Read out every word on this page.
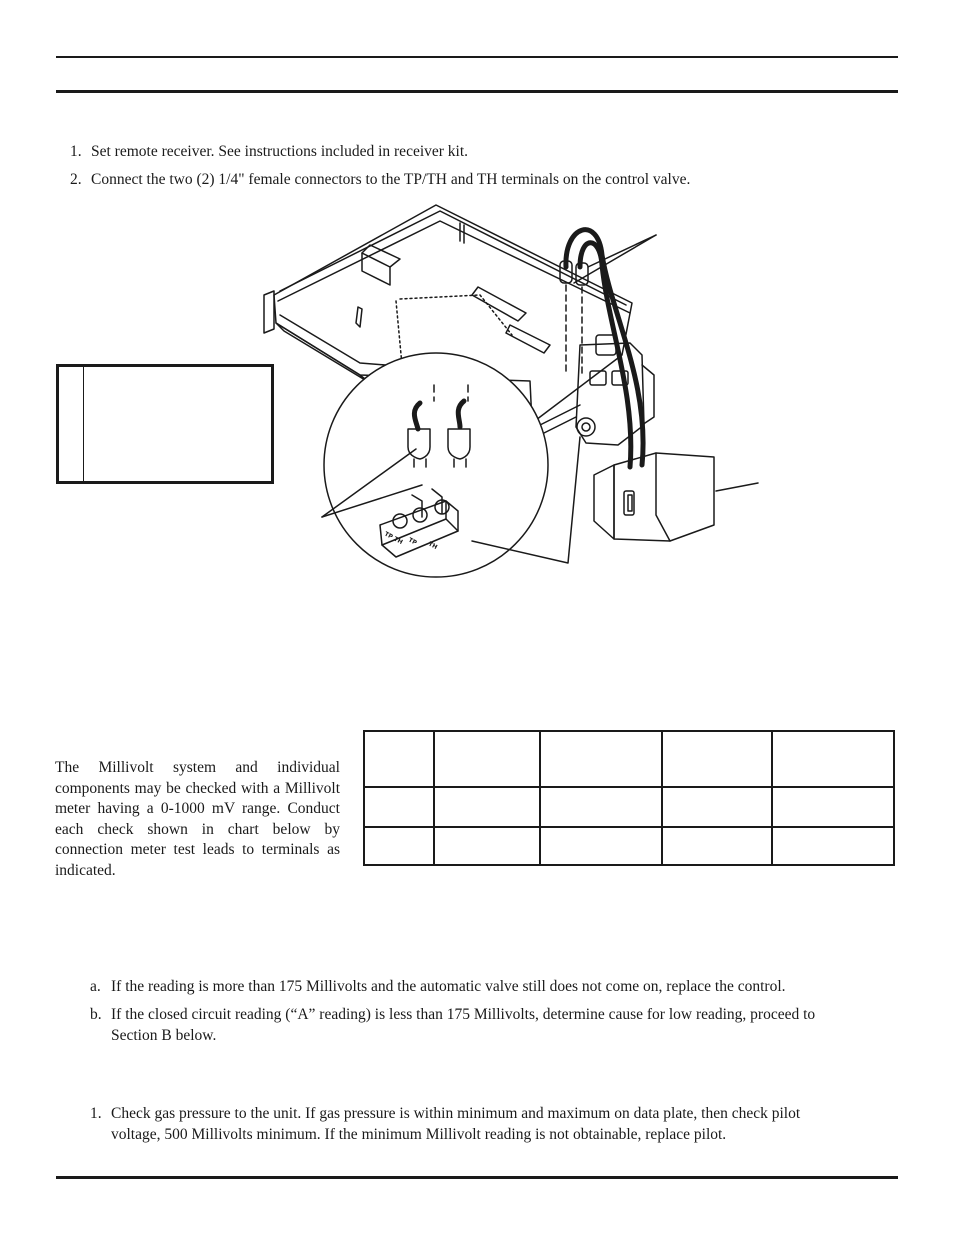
1. Set remote receiver. See instructions included in receiver kit.
2. Connect the two (2) 1/4" female connectors to the TP/TH and TH terminals on the control valve.
TP TH TP TH
The Millivolt system and individual components may be checked with a Millivolt meter having a 0-1000 mV range. Conduct each check shown in chart below by connection meter test leads to terminals as indicated.

a. If the reading is more than 175 Millivolts and the automatic valve still does not come on, replace the control.
b. If the closed circuit reading (“A” reading) is less than 175 Millivolts, determine cause for low reading, proceed to
Section B below.
1. Check gas pressure to the unit. If gas pressure is within minimum and maximum on data plate, then check pilot
voltage, 500 Millivolts minimum. If the minimum Millivolt reading is not obtainable, replace pilot.
